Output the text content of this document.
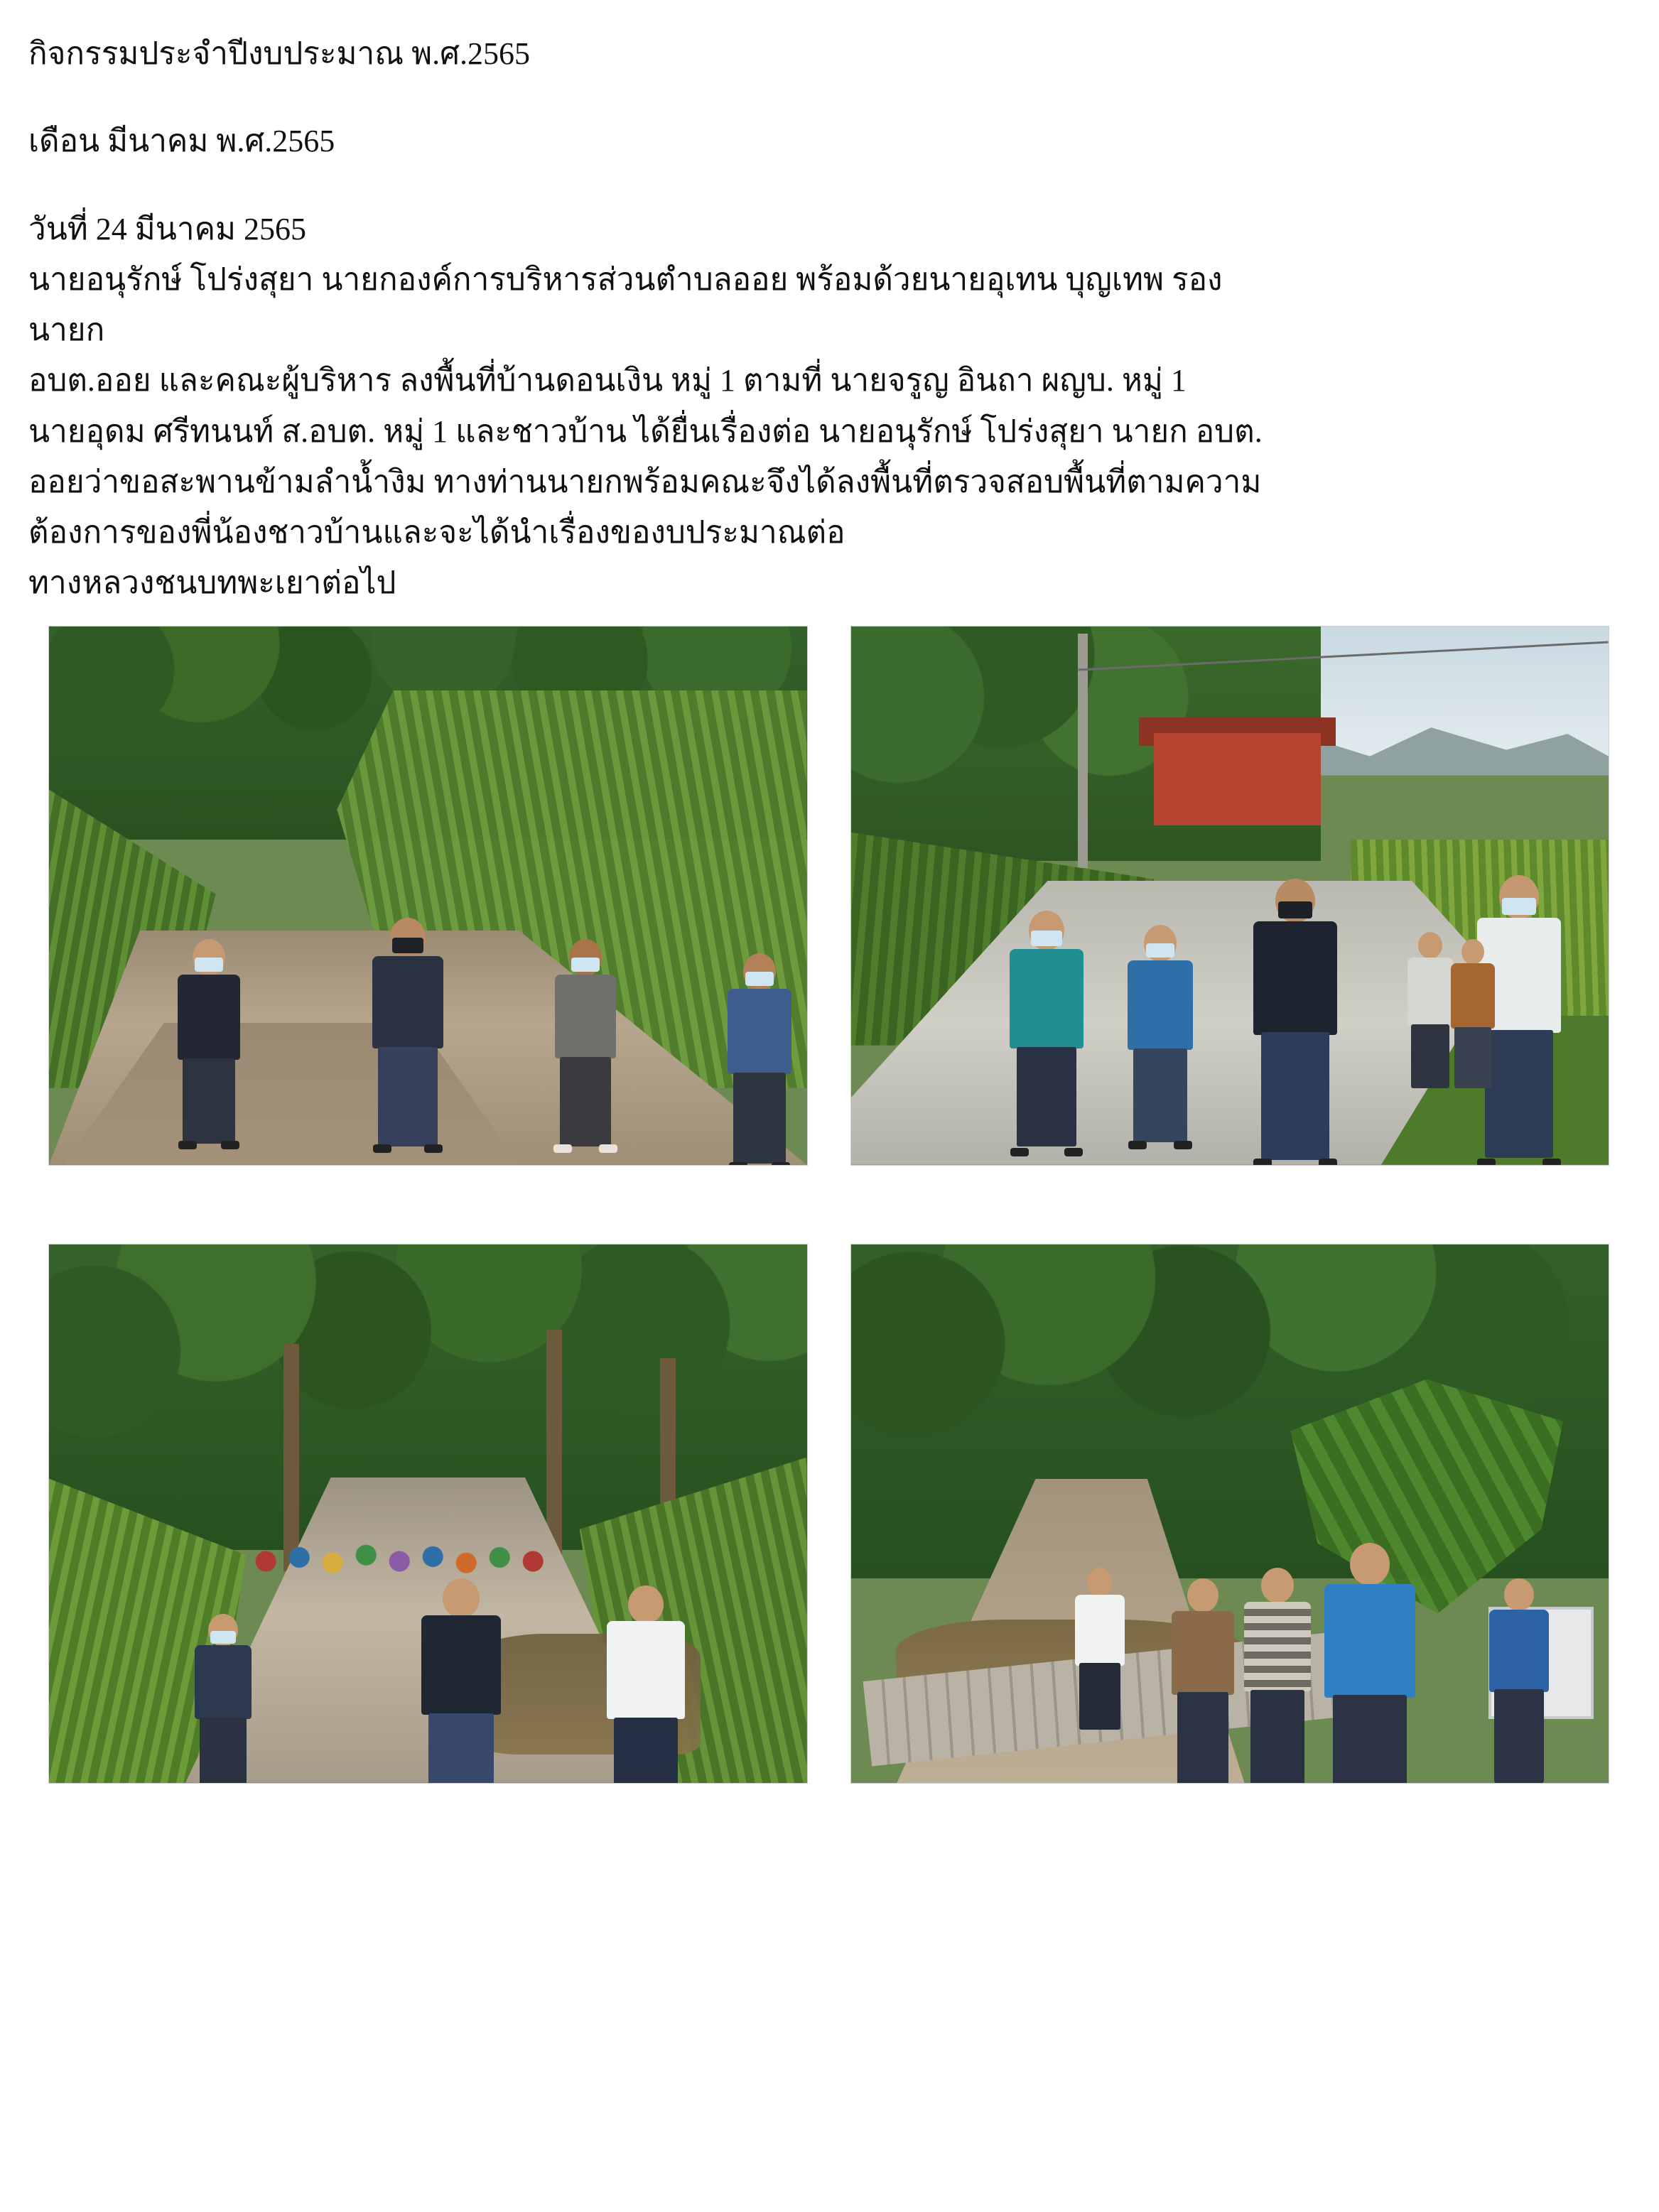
กิจกรรมประจำปีงบประมาณ พ.ศ.2565
เดือน มีนาคม พ.ศ.2565
วันที่ 24 มีนาคม 2565
นายอนุรักษ์ โปร่งสุยา นายกองค์การบริหารส่วนตำบลออย พร้อมด้วยนายอุเทน บุญเทพ รอง
นายก
อบต.ออย และคณะผู้บริหาร ลงพื้นที่บ้านดอนเงิน หมู่ 1 ตามที่ นายจรูญ อินถา ผญบ. หมู่ 1
นายอุดม ศรีทนนท์ ส.อบต. หมู่ 1 และชาวบ้าน ได้ยื่นเรื่องต่อ นายอนุรักษ์ โปร่งสุยา นายก อบต.
ออยว่าขอสะพานข้ามลำน้ำงิม ทางท่านนายกพร้อมคณะจึงได้ลงพื้นที่ตรวจสอบพื้นที่ตามความ
ต้องการของพี่น้องชาวบ้านและจะได้นำเรื่องของบประมาณต่อ
ทางหลวงชนบทพะเยาต่อไป
